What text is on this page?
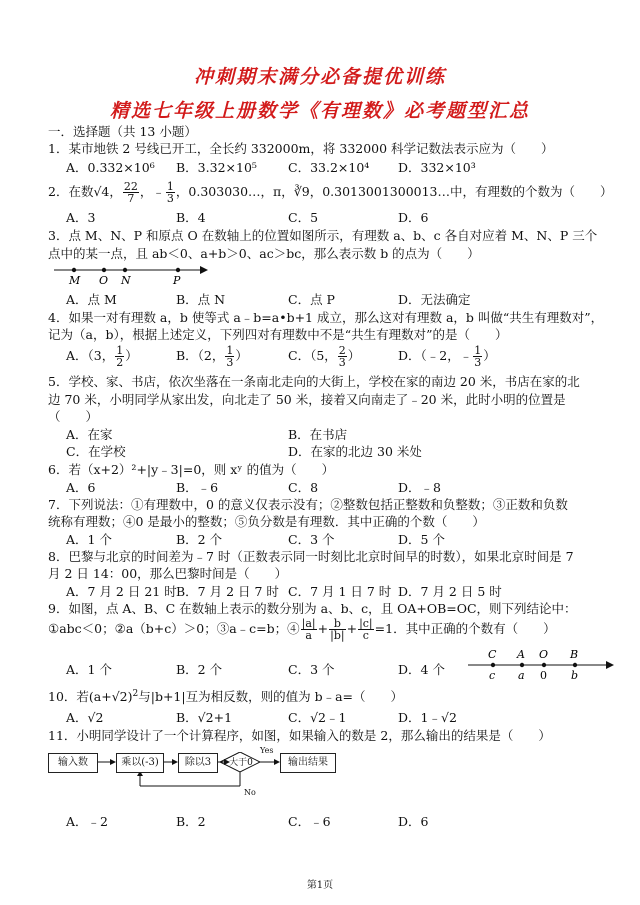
冲刺期末满分必备提优训练
精选七年级上册数学《有理数》必考题型汇总
一．选择题（共 13 小题）
1．某市地铁 2 号线已开工，全长约 332000m，将 332000 科学记数法表示应为（　　）
A．0.332×10⁶ B．3.32×10⁵ C．33.2×10⁴ D．332×10³
2．在数√4， $\frac{22}{7}$ ，﹣ $\frac{1}{3}$ ，0.303030…，π，∛9，0.3013001300013…中，有理数的个数为（　　）
A．3	B．4	C．5	D．6
3．点 M、N、P 和原点 O 在数轴上的位置如图所示，有理数 a、b、c 各自对应着 M、N、P 三个
点中的某一点，且 ab＜0、a+b＞0、ac＞bc，那么表示数 b 的点为（　　）
M O N	P
A．点 M	B．点 N	C．点 P	D．无法确定
4．如果一对有理数 a，b 使等式 a﹣b=a•b+1 成立，那么这对有理数 a，b 叫做“共生有理数对”，
记为（a，b），根据上述定义，下列四对有理数中不是“共生有理数对”的是（　　）
A．（3， $\frac{1}{2}$ ）	B．（2， $\frac{1}{3}$ ）	C．（5， $\frac{2}{3}$ ）	D．（﹣2，﹣ $\frac{1}{3}$ ）
5．学校、家、书店，依次坐落在一条南北走向的大街上，学校在家的南边 20 米，书店在家的北
边 70 米，小明同学从家出发，向北走了 50 米，接着又向南走了﹣20 米，此时小明的位置是
（　　）
A．在家	B．在书店
C．在学校	D．在家的北边 30 米处
6．若（x+2）²+|y﹣3|=0，则 xʸ 的值为（　　）
A．6	B．﹣6	C．8	D．﹣8
7．下列说法：①有理数中，0 的意义仅表示没有；②整数包括正整数和负整数；③正数和负数
统称有理数；④0 是最小的整数；⑤负分数是有理数．其中正确的个数（　　）
A．1 个	B．2 个	C．3 个	D．5 个
8．巴黎与北京的时间差为﹣7 时（正数表示同一时刻比北京时间早的时数），如果北京时间是 7
月 2 日 14：00，那么巴黎时间是（　　）
A．7 月 2 日 21 时 B．7 月 2 日 7 时 C．7 月 1 日 7 时 D．7 月 2 日 5 时
9．如图，点 A、B、C 在数轴上表示的数分别为 a、b、c，且 OA+OB=OC，则下列结论中：
①abc＜0；②a（b+c）＞0；③a﹣c=b；④ $\frac{|a|}{a} + \frac{b}{|b|} + \frac{|c|}{c} =1$．其中正确的个数有（　　）
A．1 个	B．2 个	C．3 个	D．4 个
C A O B
c a 0 b
10．若$(a+√2)^2$与|b+1|互为相反数，则的值为 b﹣a=（　　）
A．√2	B．√2+1	C．√2﹣1	D．1﹣√2
11．小明同学设计了一个计算程序，如图，如果输入的数是 2，那么输出的结果是（　　）
输入数	乘以(-3)	除以3	大于0
Yes
No
输出结果
A．﹣2	B．2	C．﹣6	D．6
第1页
